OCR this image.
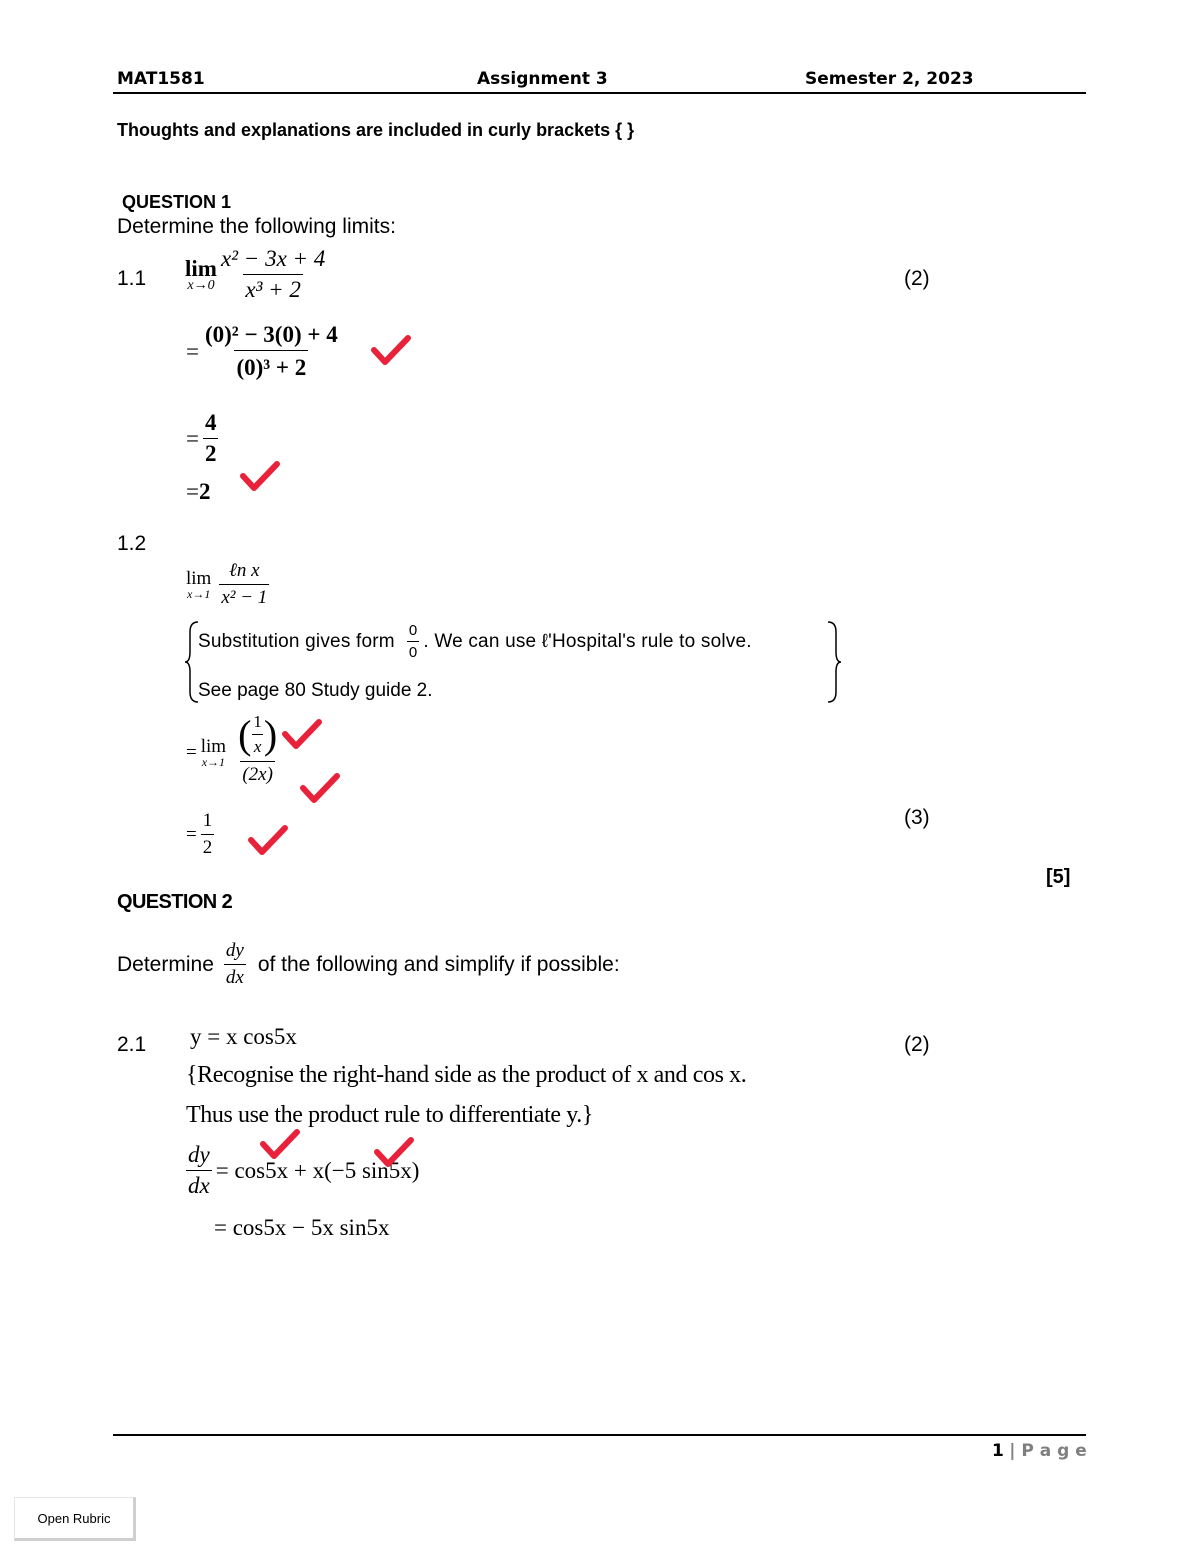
MAT1581	Assignment 3	Semester 2, 2023
Thoughts and explanations are included in curly brackets { }
QUESTION 1
Determine the following limits:
1.1	(2)
lim
$x\to 0 \frac{\text{x² − 3x + 4}}{\text{x³ + 2}}$
= $\frac{\text{(0)² − 3(0) + 4}}{\text{(0)³ + 2}}$
= $\frac{4}{2}$
=2
1.2
lim
$x\to 1 \frac{\text{ℓn x}}{\text{x² − 1}}$
Substitution gives form $\frac{0}{0}$ . We can use ℓ'Hospital's rule to solve.
See page 80 Study guide 2.
= lim
$x\to 1 \frac{( \frac{1}{x} )}{(2x)}$
= $\frac{1}{2}$	(3)
[5]
QUESTION 2
Determine $\frac{dy}{dx}$ of the following and simplify if possible:
2.1	(2)
y = x cos5x
{Recognise the right-hand side as the product of x and cos x.
Thus use the product rule to differentiate y.}
$\frac{dy}{dx} = \cos 5x + x(-5$ sin5x)
= cos5x − 5x sin5x
1 | P a g e
Open Rubric
